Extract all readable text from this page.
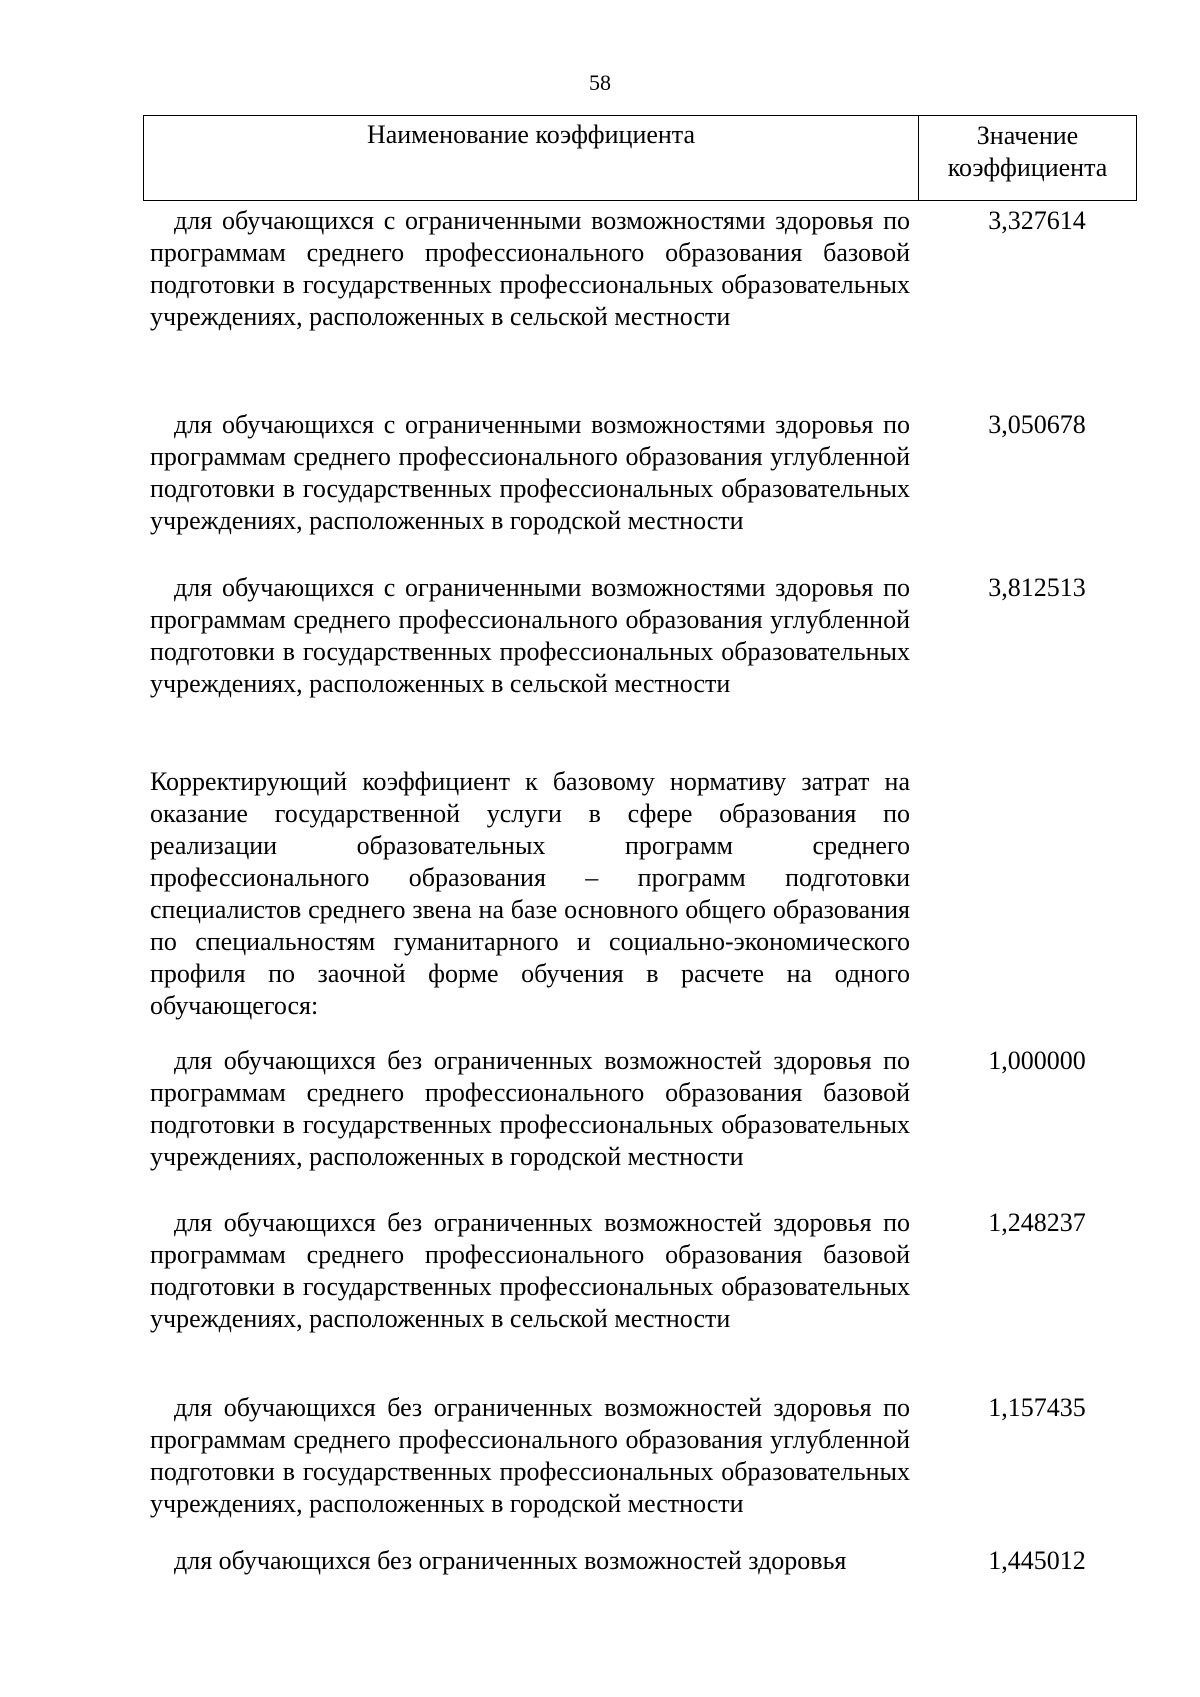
58
Наименование коэффициента	Значение
коэффициента
для обучающихся с ограниченными возможностями здоровья по программам среднего профессионального образования базовой подготовки в государственных профессиональных образовательных учреждениях, расположенных в сельской местности
3,327614
для обучающихся с ограниченными возможностями здоровья по программам среднего профессионального образования углубленной подготовки в государственных профессиональных образовательных учреждениях, расположенных в городской местности
3,050678
для обучающихся с ограниченными возможностями здоровья по программам среднего профессионального образования углубленной подготовки в государственных профессиональных образовательных учреждениях, расположенных в сельской местности
3,812513
Корректирующий коэффициент к базовому нормативу затрат на оказание государственной услуги в сфере образования по реализации образовательных программ среднего профессионального образования – программ подготовки специалистов среднего звена на базе основного общего образования по специальностям гуманитарного и социально-экономического профиля по заочной форме обучения в расчете на одного обучающегося:
для обучающихся без ограниченных возможностей здоровья по программам среднего профессионального образования базовой подготовки в государственных профессиональных образовательных учреждениях, расположенных в городской местности
1,000000
для обучающихся без ограниченных возможностей здоровья по программам среднего профессионального образования базовой подготовки в государственных профессиональных образовательных учреждениях, расположенных в сельской местности
1,248237
для обучающихся без ограниченных возможностей здоровья по программам среднего профессионального образования углубленной подготовки в государственных профессиональных образовательных учреждениях, расположенных в городской местности
1,157435
для обучающихся без ограниченных возможностей здоровья	1,445012
